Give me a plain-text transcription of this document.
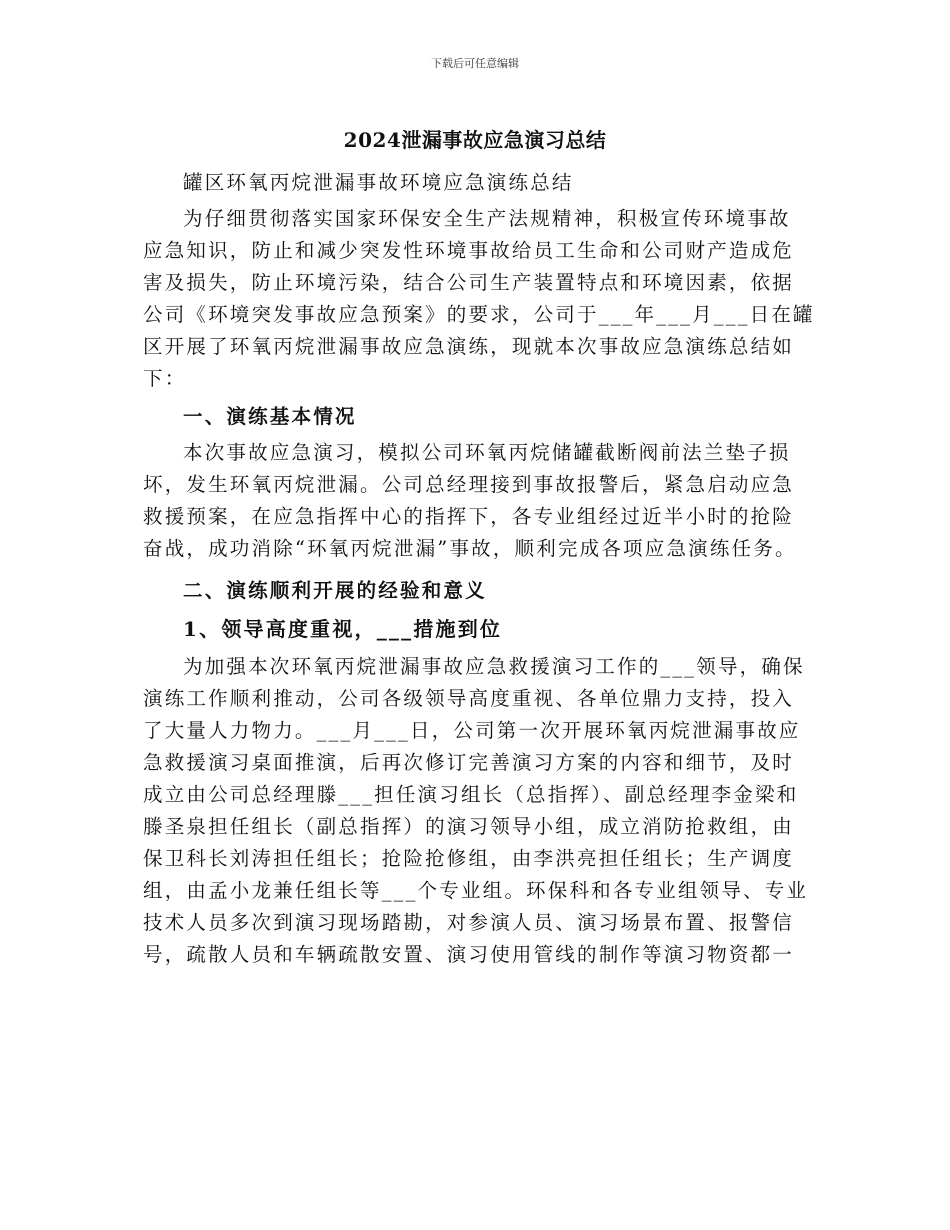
下载后可任意编辑
2024泄漏事故应急演习总结
罐区环氧丙烷泄漏事故环境应急演练总结
为仔细贯彻落实国家环保安全生产法规精神，积极宣传环境事故
应急知识，防止和减少突发性环境事故给员工生命和公司财产造成危
害及损失，防止环境污染，结合公司生产装置特点和环境因素，依据
公司《环境突发事故应急预案》的要求，公司于___年___月___日在罐
区开展了环氧丙烷泄漏事故应急演练，现就本次事故应急演练总结如
下：
一、演练基本情况
本次事故应急演习，模拟公司环氧丙烷储罐截断阀前法兰垫子损
坏，发生环氧丙烷泄漏。公司总经理接到事故报警后，紧急启动应急
救援预案，在应急指挥中心的指挥下，各专业组经过近半小时的抢险
奋战，成功消除“环氧丙烷泄漏”事故，顺利完成各项应急演练任务。
二、演练顺利开展的经验和意义
1、领导高度重视，___措施到位
为加强本次环氧丙烷泄漏事故应急救援演习工作的___领导，确保
演练工作顺利推动，公司各级领导高度重视、各单位鼎力支持，投入
了大量人力物力。___月___日，公司第一次开展环氧丙烷泄漏事故应
急救援演习桌面推演，后再次修订完善演习方案的内容和细节，及时
成立由公司总经理滕___担任演习组长（总指挥）、副总经理李金梁和
滕圣泉担任组长（副总指挥）的演习领导小组，成立消防抢救组，由
保卫科长刘涛担任组长；抢险抢修组，由李洪亮担任组长；生产调度
组，由孟小龙兼任组长等___个专业组。环保科和各专业组领导、专业
技术人员多次到演习现场踏勘，对参演人员、演习场景布置、报警信
号，疏散人员和车辆疏散安置、演习使用管线的制作等演习物资都一
